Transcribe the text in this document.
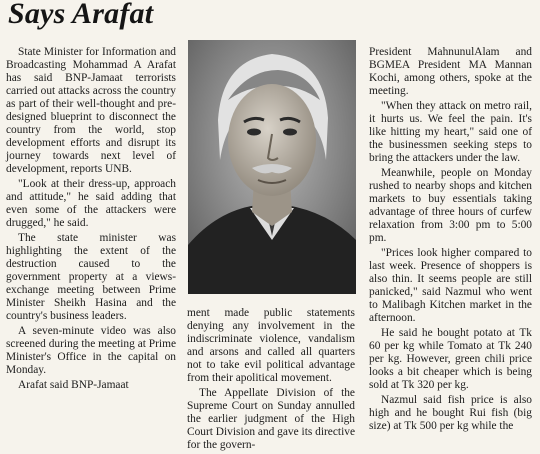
Says Arafat

State Minister for Information and Broadcasting Mohammad A Arafat has said BNP-Jamaat terrorists carried out attacks across the country as part of their well-thought and pre-designed blueprint to disconnect the country from the world, stop development efforts and disrupt its journey towards next level of development, reports UNB.

"Look at their dress-up, approach and attitude," he said adding that even some of the attackers were drugged," he said.

The state minister was highlighting the extent of the destruction caused to the government property at a views-exchange meeting between Prime Minister Sheikh Hasina and the country's business leaders.

A seven-minute video was also screened during the meeting at Prime Minister's Office in the capital on Monday.

Arafat said BNP-Jamaat

ment made public statements denying any involvement in the indiscriminate violence, vandalism and arsons and called all quarters not to take evil political advantage from their apolitical movement.

The Appellate Division of the Supreme Court on Sunday annulled the earlier judgment of the High Court Division and gave its directive for the govern-

President MahnunulAlam and BGMEA President MA Mannan Kochi, among others, spoke at the meeting.

"When they attack on metro rail, it hurts us. We feel the pain. It's like hitting my heart," said one of the businessmen seeking steps to bring the attackers under the law.

Meanwhile, people on Monday rushed to nearby shops and kitchen markets to buy essentials taking advantage of three hours of curfew relaxation from 3:00 pm to 5:00 pm.

"Prices look higher compared to last week. Presence of shoppers is also thin. It seems people are still panicked," said Nazmul who went to Malibagh Kitchen market in the afternoon.

He said he bought potato at Tk 60 per kg while Tomato at Tk 240 per kg. However, green chili price looks a bit cheaper which is being sold at Tk 320 per kg.

Nazmul said fish price is also high and he bought Rui fish (big size) at Tk 500 per kg while the
